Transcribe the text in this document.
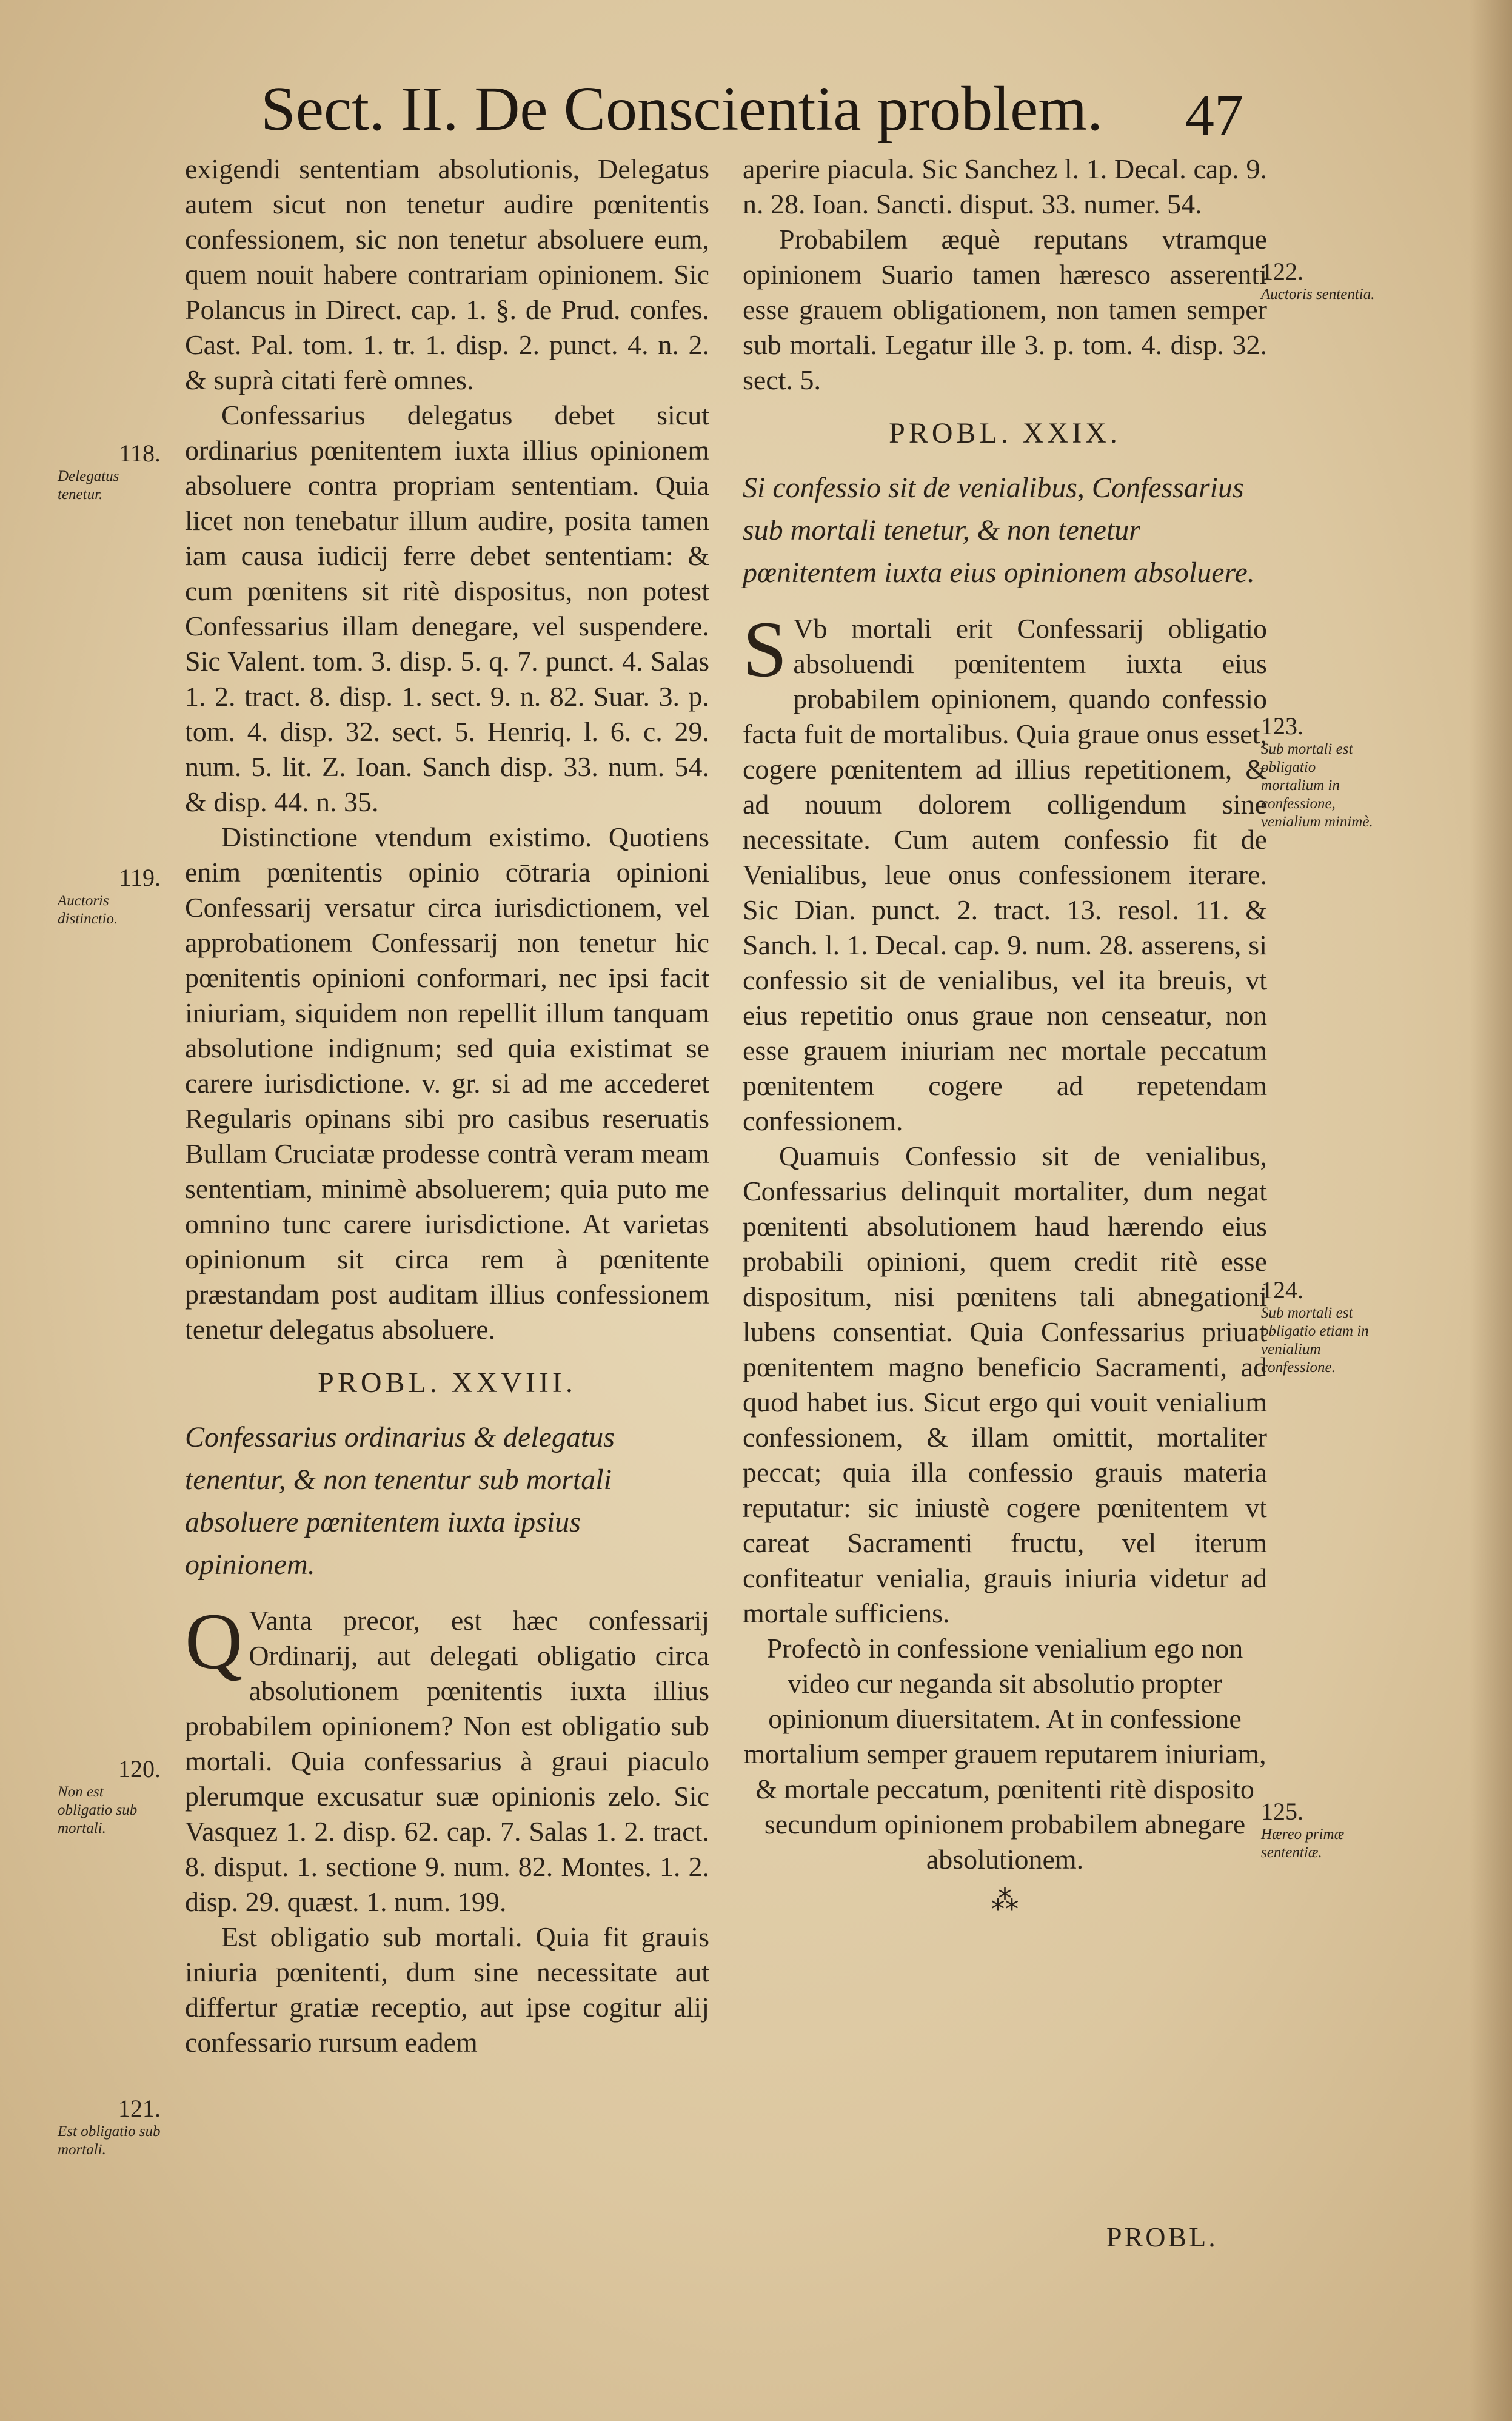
Sect. II. De Conscientia problem.	47

exigendi sententiam absolutionis, Delegatus autem sicut non tenetur audire pœnitentis confessionem, sic non tenetur absoluere eum, quem nouit habere contrariam opinionem. Sic Polancus in Direct. cap. 1. §. de Prud. confes. Cast. Pal. tom. 1. tr. 1. disp. 2. punct. 4. n. 2. & suprà citati ferè omnes.

Confessarius delegatus debet sicut ordinarius pœnitentem iuxta illius opinionem absoluere contra propriam sententiam. Quia licet non tenebatur illum audire, posita tamen iam causa iudicij ferre debet sententiam: & cum pœnitens sit ritè dispositus, non potest Confessarius illam denegare, vel suspendere. Sic Valent. tom. 3. disp. 5. q. 7. punct. 4. Salas 1. 2. tract. 8. disp. 1. sect. 9. n. 82. Suar. 3. p. tom. 4. disp. 32. sect. 5. Henriq. l. 6. c. 29. num. 5. lit. Z. Ioan. Sanch disp. 33. num. 54. & disp. 44. n. 35.

Distinctione vtendum existimo. Quotiens enim pœnitentis opinio cōtraria opinioni Confessarij versatur circa iurisdictionem, vel approbationem Confessarij non tenetur hic pœnitentis opinioni conformari, nec ipsi facit iniuriam, siquidem non repellit illum tanquam absolutione indignum; sed quia existimat se carere iurisdictione. v. gr. si ad me accederet Regularis opinans sibi pro casibus reseruatis Bullam Cruciatæ prodesse contrà veram meam sententiam, minimè absoluerem; quia puto me omnino tunc carere iurisdictione. At varietas opinionum sit circa rem à pœnitente præstandam post auditam illius confessionem tenetur delegatus absoluere.

PROBL. XXVIII.

Confessarius ordinarius & delegatus tenentur, & non tenentur sub mortali absoluere pœnitentem iuxta ipsius opinionem.

Q Vanta precor, est hæc confessarij Ordinarij, aut delegati obligatio circa absolutionem pœnitentis iuxta illius probabilem opinionem? Non est obligatio sub mortali. Quia confessarius à graui piaculo plerumque excusatur suæ opinionis zelo. Sic Vasquez 1. 2. disp. 62. cap. 7. Salas 1. 2. tract. 8. disput. 1. sectione 9. num. 82. Montes. 1. 2. disp. 29. quæst. 1. num. 199.

Est obligatio sub mortali. Quia fit grauis iniuria pœnitenti, dum sine necessitate aut differtur gratiæ receptio, aut ipse cogitur alij confessario rursum eadem

aperire piacula. Sic Sanchez l. 1. Decal. cap. 9. n. 28. Ioan. Sancti. disput. 33. numer. 54.

Probabilem æquè reputans vtramque opinionem Suario tamen hæresco asserenti esse grauem obligationem, non tamen semper sub mortali. Legatur ille 3. p. tom. 4. disp. 32. sect. 5.

PROBL. XXIX.

Si confessio sit de venialibus, Confessarius sub mortali tenetur, & non tenetur pœnitentem iuxta eius opinionem absoluere.

S Vb mortali erit Confessarij obligatio absoluendi pœnitentem iuxta eius probabilem opinionem, quando confessio facta fuit de mortalibus. Quia graue onus esset, cogere pœnitentem ad illius repetitionem, & ad nouum dolorem colligendum sine necessitate. Cum autem confessio fit de Venialibus, leue onus confessionem iterare. Sic Dian. punct. 2. tract. 13. resol. 11. & Sanch. l. 1. Decal. cap. 9. num. 28. asserens, si confessio sit de venialibus, vel ita breuis, vt eius repetitio onus graue non censeatur, non esse grauem iniuriam nec mortale peccatum pœnitentem cogere ad repetendam confessionem.

Quamuis Confessio sit de venialibus, Confessarius delinquit mortaliter, dum negat pœnitenti absolutionem haud hærendo eius probabili opinioni, quem credit ritè esse dispositum, nisi pœnitens tali abnegationi lubens consentiat. Quia Confessarius priuat pœnitentem magno beneficio Sacramenti, ad quod habet ius. Sicut ergo qui vouit venialium confessionem, & illam omittit, mortaliter peccat; quia illa confessio grauis materia reputatur: sic iniustè cogere pœnitentem vt careat Sacramenti fructu, vel iterum confiteatur venialia, grauis iniuria videtur ad mortale sufficiens.

Profectò in confessione venialium ego non video cur neganda sit absolutio propter opinionum diuersitatem. At in confessione mortalium semper grauem reputarem iniuriam, & mortale peccatum, pœnitenti ritè disposito secundum opinionem probabilem abnegare absolutionem.

⁂
PROBL.
118.
Delegatus tenetur.
119.
Auctoris distinctio.
120.
Non est obligatio sub mortali.
121.
Est obligatio sub mortali.
122.
Auctoris sententia.
123.
Sub mortali est obligatio mortalium in confessione, venialium minimè.
124.
Sub mortali est obligatio etiam in venialium confessione.
125.
Hæreo primæ sententiæ.
